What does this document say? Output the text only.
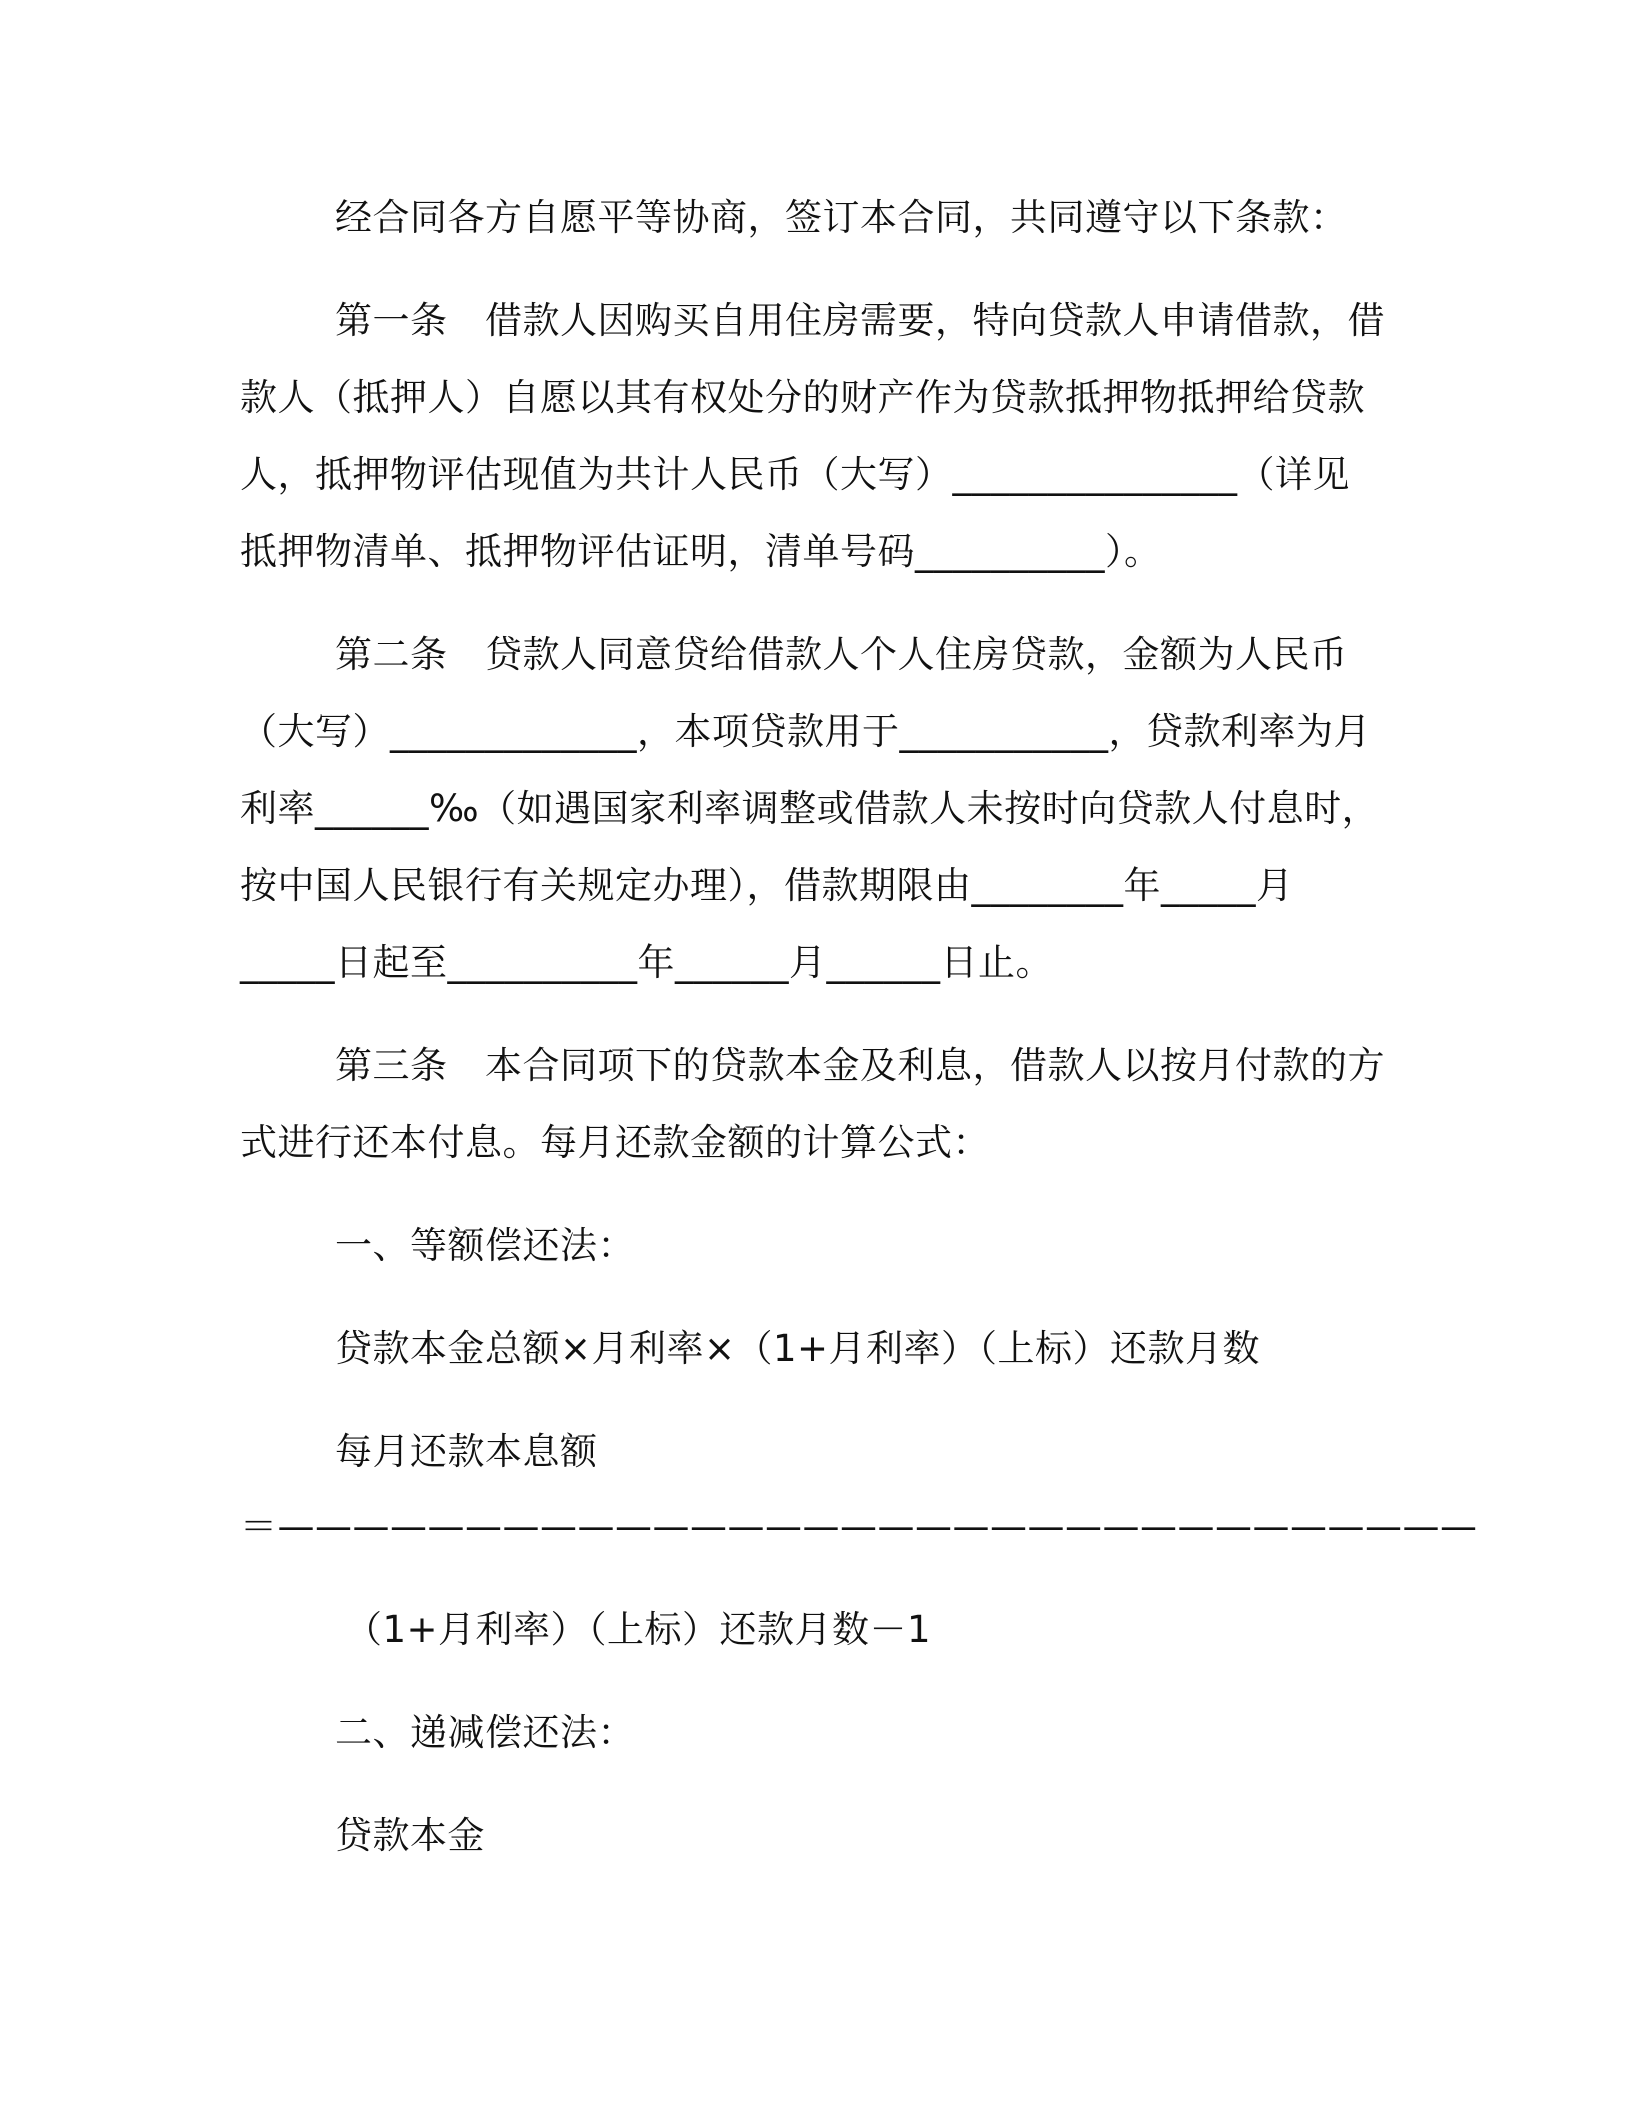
经合同各方自愿平等协商，签订本合同，共同遵守以下条款：
第一条　借款人因购买自用住房需要，特向贷款人申请借款，借
款人（抵押人）自愿以其有权处分的财产作为贷款抵押物抵押给贷款
人，抵押物评估现值为共计人民币（大写）_______________（详见
抵押物清单、抵押物评估证明，清单号码__________）。
第二条　贷款人同意贷给借款人个人住房贷款，金额为人民币
（大写）_____________，本项贷款用于___________，贷款利率为月
利率______‰（如遇国家利率调整或借款人未按时向贷款人付息时，
按中国人民银行有关规定办理），借款期限由________年_____月
_____日起至__________年______月______日止。
第三条　本合同项下的贷款本金及利息，借款人以按月付款的方
式进行还本付息。每月还款金额的计算公式：
一、等额偿还法：
贷款本金总额×月利率×（1+月利率）（上标）还款月数
每月还款本息额
＝————————————————————————————————
（1+月利率）（上标）还款月数－1
二、递减偿还法：
贷款本金
